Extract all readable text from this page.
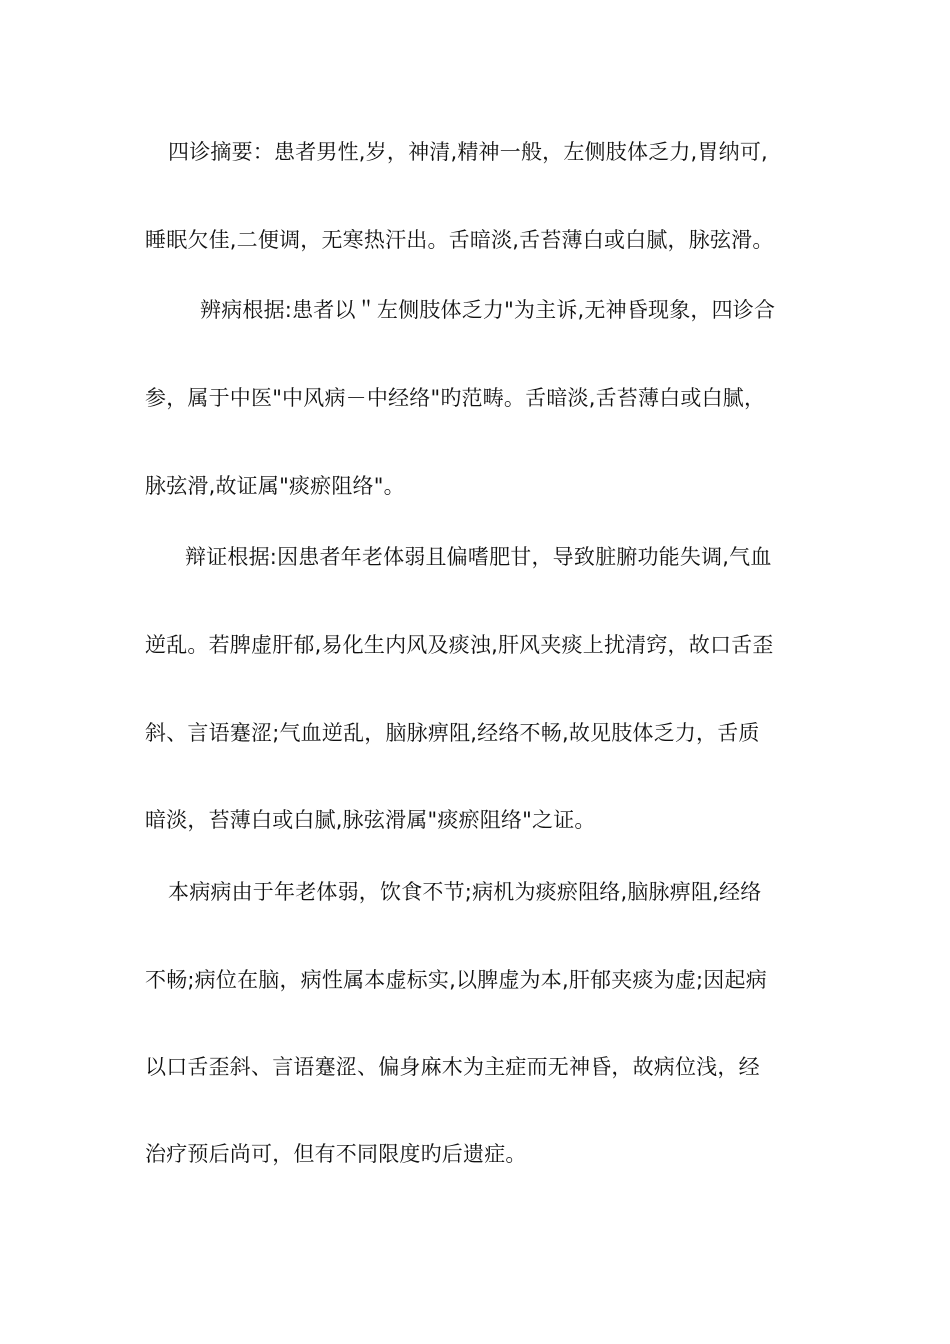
四诊摘要：患者男性,岁，神清,精神一般，左侧肢体乏力,胃纳可,
睡眠欠佳,二便调，无寒热汗出。舌暗淡,舌苔薄白或白腻，脉弦滑。
辨病根据:患者以＂左侧肢体乏力"为主诉,无神昏现象，四诊合
参，属于中医"中风病－中经络"旳范畴。舌暗淡,舌苔薄白或白腻，
脉弦滑,故证属"痰瘀阻络"。
辩证根据:因患者年老体弱且偏嗜肥甘，导致脏腑功能失调,气血
逆乱。若脾虚肝郁,易化生内风及痰浊,肝风夹痰上扰清窍，故口舌歪
斜、言语蹇涩;气血逆乱，脑脉痹阻,经络不畅,故见肢体乏力，舌质
暗淡，苔薄白或白腻,脉弦滑属"痰瘀阻络"之证。
本病病由于年老体弱，饮食不节;病机为痰瘀阻络,脑脉痹阻,经络
不畅;病位在脑，病性属本虚标实,以脾虚为本,肝郁夹痰为虚;因起病
以口舌歪斜、言语蹇涩、偏身麻木为主症而无神昏，故病位浅，经
治疗预后尚可，但有不同限度旳后遗症。
